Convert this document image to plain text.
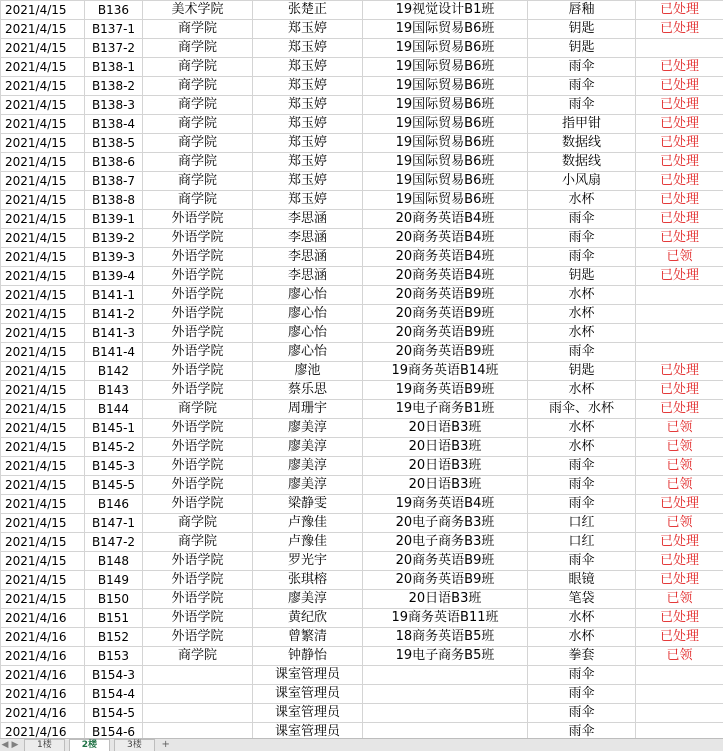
2021/4/15	B136	美术学院	张楚正	19视觉设计B1班	唇釉	已处理
2021/4/15	B137-1	商学院	郑玉婷	19国际贸易B6班	钥匙	已处理
2021/4/15	B137-2	商学院	郑玉婷	19国际贸易B6班	钥匙	
2021/4/15	B138-1	商学院	郑玉婷	19国际贸易B6班	雨伞	已处理
2021/4/15	B138-2	商学院	郑玉婷	19国际贸易B6班	雨伞	已处理
2021/4/15	B138-3	商学院	郑玉婷	19国际贸易B6班	雨伞	已处理
2021/4/15	B138-4	商学院	郑玉婷	19国际贸易B6班	指甲钳	已处理
2021/4/15	B138-5	商学院	郑玉婷	19国际贸易B6班	数据线	已处理
2021/4/15	B138-6	商学院	郑玉婷	19国际贸易B6班	数据线	已处理
2021/4/15	B138-7	商学院	郑玉婷	19国际贸易B6班	小风扇	已处理
2021/4/15	B138-8	商学院	郑玉婷	19国际贸易B6班	水杯	已处理
2021/4/15	B139-1	外语学院	李思涵	20商务英语B4班	雨伞	已处理
2021/4/15	B139-2	外语学院	李思涵	20商务英语B4班	雨伞	已处理
2021/4/15	B139-3	外语学院	李思涵	20商务英语B4班	雨伞	已领
2021/4/15	B139-4	外语学院	李思涵	20商务英语B4班	钥匙	已处理
2021/4/15	B141-1	外语学院	廖心怡	20商务英语B9班	水杯	
2021/4/15	B141-2	外语学院	廖心怡	20商务英语B9班	水杯	
2021/4/15	B141-3	外语学院	廖心怡	20商务英语B9班	水杯	
2021/4/15	B141-4	外语学院	廖心怡	20商务英语B9班	雨伞	
2021/4/15	B142	外语学院	廖池	19商务英语B14班	钥匙	已处理
2021/4/15	B143	外语学院	蔡乐思	19商务英语B9班	水杯	已处理
2021/4/15	B144	商学院	周珊宇	19电子商务B1班	雨伞、水杯	已处理
2021/4/15	B145-1	外语学院	廖美淳	20日语B3班	水杯	已领
2021/4/15	B145-2	外语学院	廖美淳	20日语B3班	水杯	已领
2021/4/15	B145-3	外语学院	廖美淳	20日语B3班	雨伞	已领
2021/4/15	B145-5	外语学院	廖美淳	20日语B3班	雨伞	已领
2021/4/15	B146	外语学院	梁静雯	19商务英语B4班	雨伞	已处理
2021/4/15	B147-1	商学院	卢豫佳	20电子商务B3班	口红	已领
2021/4/15	B147-2	商学院	卢豫佳	20电子商务B3班	口红	已处理
2021/4/15	B148	外语学院	罗光宇	20商务英语B9班	雨伞	已处理
2021/4/15	B149	外语学院	张琪榕	20商务英语B9班	眼镜	已处理
2021/4/15	B150	外语学院	廖美淳	20日语B3班	笔袋	已领
2021/4/16	B151	外语学院	黄纪欣	19商务英语B11班	水杯	已处理
2021/4/16	B152	外语学院	曾繁清	18商务英语B5班	水杯	已处理
2021/4/16	B153	商学院	钟静怡	19电子商务B5班	拳套	已领
2021/4/16	B154-3		课室管理员		雨伞	
2021/4/16	B154-4		课室管理员		雨伞	
2021/4/16	B154-5		课室管理员		雨伞	
2021/4/16	B154-6		课室管理员		雨伞	
◀ ▶	1楼	2楼	3楼	+
